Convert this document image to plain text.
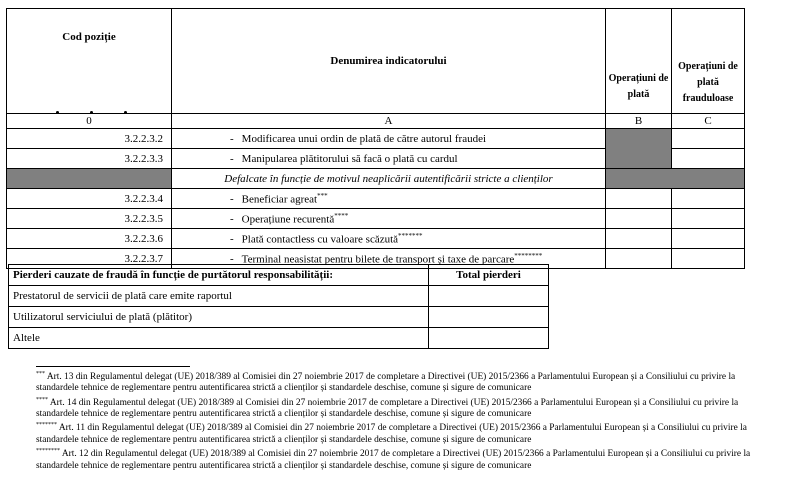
Cod poziție	Denumirea indicatorului	Operațiuni de plată	Operațiuni de plată frauduloase
0	A	B	C
3.2.2.3.2	- Modificarea unui ordin de plată de către autorul fraudei		
3.2.2.3.3	- Manipularea plătitorului să facă o plată cu cardul		
	Defalcate în funcție de motivul neaplicării autentificării stricte a clienților		
3.2.2.3.4	- Beneficiar agreat***		
3.2.2.3.5	- Operațiune recurentă****		
3.2.2.3.6	- Plată contactless cu valoare scăzută*******		
3.2.2.3.7	- Terminal neasistat pentru bilete de transport și taxe de parcare********		
Pierderi cauzate de fraudă în funcție de purtătorul responsabilității:	Total pierderi
Prestatorul de servicii de plată care emite raportul	
Utilizatorul serviciului de plată (plătitor)	
Altele	

*** Art. 13 din Regulamentul delegat (UE) 2018/389 al Comisiei din 27 noiembrie 2017 de completare a Directivei (UE) 2015/2366 a Parlamentului European și a Consiliului cu privire la standardele tehnice de reglementare pentru autentificarea strictă a clienților și standardele deschise, comune și sigure de comunicare

**** Art. 14 din Regulamentul delegat (UE) 2018/389 al Comisiei din 27 noiembrie 2017 de completare a Directivei (UE) 2015/2366 a Parlamentului European și a Consiliului cu privire la standardele tehnice de reglementare pentru autentificarea strictă a clienților și standardele deschise, comune și sigure de comunicare

******* Art. 11 din Regulamentul delegat (UE) 2018/389 al Comisiei din 27 noiembrie 2017 de completare a Directivei (UE) 2015/2366 a Parlamentului European și a Consiliului cu privire la standardele tehnice de reglementare pentru autentificarea strictă a clienților și standardele deschise, comune și sigure de comunicare

******** Art. 12 din Regulamentul delegat (UE) 2018/389 al Comisiei din 27 noiembrie 2017 de completare a Directivei (UE) 2015/2366 a Parlamentului European și a Consiliului cu privire la standardele tehnice de reglementare pentru autentificarea strictă a clienților și standardele deschise, comune și sigure de comunicare
